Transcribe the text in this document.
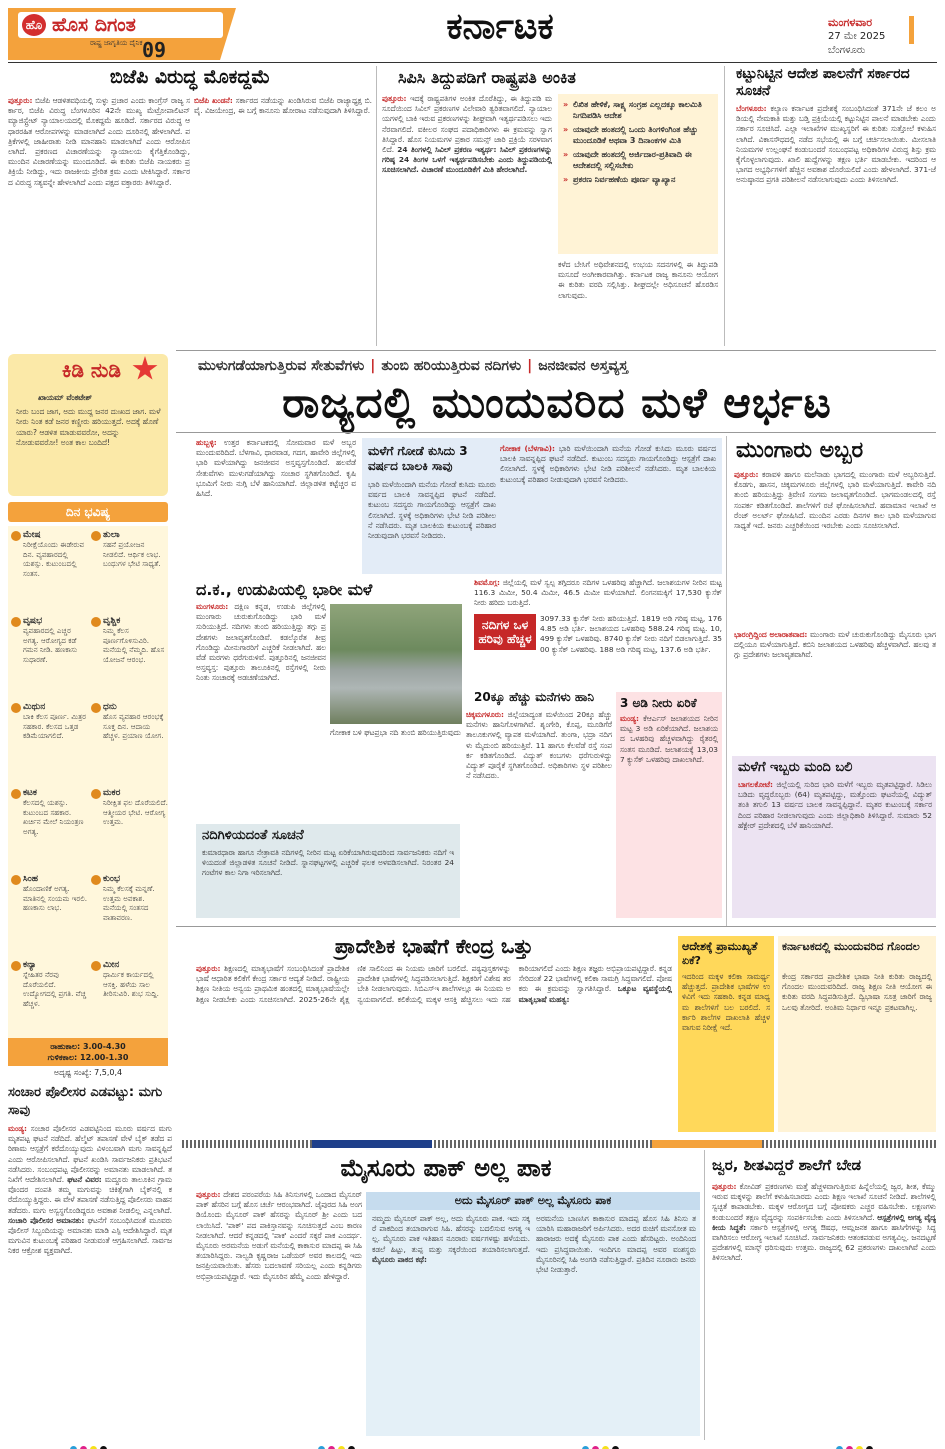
ಹೊಸ ದಿಗಂತ
ಹೊ
ರಾಷ್ಟ್ರ ಜಾಗೃತಿಯ ದೈನಿಕ 09
ಕರ್ನಾಟಕ	ಮಂಗಳವಾರ
27 ಮೇ 2025
ಬೆಂಗಳೂರು
ಬಿಜೆಪಿ ವಿರುದ್ಧ ಮೊಕದ್ದಮೆ
ಪುತ್ತೂರು: ಬಿಜೆಪಿ ಆಡಳಿತವಧಿಯಲ್ಲಿ ಸುಳ್ಳು ಪ್ರಚಾರ ಎಂದು ಕಾಂಗ್ರೆಸ್ ರಾಜ್ಯ ಸರ್ಕಾರ, ಬಿಜೆಪಿ ವಿರುದ್ಧ ಬೆಂಗಳೂರಿನ 42ನೇ ಮುಖ್ಯ ಮೆಟ್ರೋಪಾಲಿಟನ್ ಮ್ಯಾಜಿಸ್ಟ್ರೇಟ್ ನ್ಯಾಯಾಲಯದಲ್ಲಿ ಮೊಕದ್ದಮೆ ಹೂಡಿದೆ. ಸರ್ಕಾರದ ವಿರುದ್ಧ ಆಧಾರರಹಿತ ಆರೋಪಗಳನ್ನು ಮಾಡಲಾಗಿದೆ ಎಂದು ದೂರಿನಲ್ಲಿ ಹೇಳಲಾಗಿದೆ. ಪತ್ರಿಕೆಗಳಲ್ಲಿ ಜಾಹೀರಾತು ನೀಡಿ ಮಾನಹಾನಿ ಮಾಡಲಾಗಿದೆ ಎಂದು ಆರೋಪಿಸಲಾಗಿದೆ. ಪ್ರಕರಣದ ವಿಚಾರಣೆಯನ್ನು ನ್ಯಾಯಾಲಯ ಕೈಗೆತ್ತಿಕೊಂಡಿದ್ದು, ಮುಂದಿನ ವಿಚಾರಣೆಯನ್ನು ಮುಂದೂಡಿದೆ. ಈ ಕುರಿತು ಬಿಜೆಪಿ ನಾಯಕರು ಪ್ರತಿಕ್ರಿಯೆ ನೀಡಿದ್ದು, ಇದು ರಾಜಕೀಯ ಪ್ರೇರಿತ ಕ್ರಮ ಎಂದು ಟೀಕಿಸಿದ್ದಾರೆ. ಸರ್ಕಾರದ ವಿರುದ್ಧ ಸತ್ಯವನ್ನೇ ಹೇಳಲಾಗಿದೆ ಎಂದು ಪಕ್ಷದ ವಕ್ತಾರರು ತಿಳಿಸಿದ್ದಾರೆ.
ಬಿಜೆಪಿ ಖಂಡನೆ: ಸರ್ಕಾರದ ನಡೆಯನ್ನು ಖಂಡಿಸಿರುವ ಬಿಜೆಪಿ ರಾಜ್ಯಾಧ್ಯಕ್ಷ ಬಿ.ವೈ. ವಿಜಯೇಂದ್ರ, ಈ ಬಗ್ಗೆ ಕಾನೂನು ಹೋರಾಟ ನಡೆಸುವುದಾಗಿ ತಿಳಿಸಿದ್ದಾರೆ.
ಸಿಪಿಸಿ ತಿದ್ದುಪಡಿಗೆ ರಾಷ್ಟ್ರಪತಿ ಅಂಕಿತ
ಪುತ್ತೂರು: ಇದಕ್ಕೆ ರಾಷ್ಟ್ರಪತಿಗಳ ಅಂಕಿತ ದೊರೆತಿದ್ದು, ಈ ತಿದ್ದುಪಡಿ ಮಸೂದೆಯಿಂದ ಸಿವಿಲ್ ಪ್ರಕರಣಗಳ ವಿಲೇವಾರಿ ತ್ವರಿತವಾಗಲಿದೆ. ನ್ಯಾಯಾಲಯಗಳಲ್ಲಿ ಬಾಕಿ ಇರುವ ಪ್ರಕರಣಗಳನ್ನು ಶೀಘ್ರವಾಗಿ ಇತ್ಯರ್ಥಪಡಿಸಲು ಇದು ನೆರವಾಗಲಿದೆ. ವಕೀಲರ ಸಂಘದ ಪದಾಧಿಕಾರಿಗಳು ಈ ಕ್ರಮವನ್ನು ಸ್ವಾಗತಿಸಿದ್ದಾರೆ. ಹೊಸ ನಿಯಮಗಳ ಪ್ರಕಾರ ಸಮನ್ಸ್ ಜಾರಿ ಪ್ರಕ್ರಿಯೆ ಸರಳವಾಗಲಿದೆ. 24 ತಿಂಗಳಲ್ಲಿ ಸಿವಿಲ್ ಪ್ರಕರಣ ಇತ್ಯರ್ಥ: ಸಿವಿಲ್ ಪ್ರಕರಣಗಳನ್ನು ಗರಿಷ್ಠ 24 ತಿಂಗಳ ಒಳಗೆ ಇತ್ಯರ್ಥಪಡಿಸಬೇಕು ಎಂದು ತಿದ್ದುಪಡಿಯಲ್ಲಿ ಸೂಚಿಸಲಾಗಿದೆ. ವಿಚಾರಣೆ ಮುಂದೂಡಿಕೆಗೆ ಮಿತಿ ಹೇರಲಾಗಿದೆ.
» ಲಿಖಿತ ಹೇಳಿಕೆ, ಸಾಕ್ಷ್ಯ ಸಂಗ್ರಹ ಎಲ್ಲದಕ್ಕೂ ಕಾಲಮಿತಿ ನಿಗದಿಪಡಿಸಿ ಆದೇಶ
» ಯಾವುದೇ ಹಂತದಲ್ಲಿ ಒಂದು ತಿಂಗಳಿಂಗಿಂತ ಹೆಚ್ಚು ಮುಂದೂಡಿಕೆ ಅಥವಾ 3 ದಿನಾಂಕಗಳ ಮಿತಿ
» ಯಾವುದೇ ಹಂತದಲ್ಲಿ ಅರ್ಜಿದಾರ-ಪ್ರತಿವಾದಿ ಈ ಆದೇಶದಲ್ಲಿ ಸಲ್ಲಿಸಬೇಕು
» ಪ್ರಕರಣ ನಿರ್ವಹಣೆಯ ಪೂರ್ಣ ವ್ಯಾಖ್ಯಾನ
ಕಳೆದ ಬೇಸಿಗೆ ಅಧಿವೇಶನದಲ್ಲಿ ಉಭಯ ಸದನಗಳಲ್ಲಿ ಈ ತಿದ್ದುಪಡಿ ಮಸೂದೆ ಅಂಗೀಕಾರವಾಗಿತ್ತು. ಕರ್ನಾಟಕ ರಾಜ್ಯ ಕಾನೂನು ಆಯೋಗ ಈ ಕುರಿತು ವರದಿ ಸಲ್ಲಿಸಿತ್ತು. ಶೀಘ್ರದಲ್ಲೇ ಅಧಿಸೂಚನೆ ಹೊರಡಿಸಲಾಗುವುದು.
ಕಟ್ಟುನಿಟ್ಟಿನ ಆದೇಶ ಪಾಲನೆಗೆ ಸರ್ಕಾರದ ಸೂಚನೆ
ಬೆಂಗಳೂರು: ಕಲ್ಯಾಣ ಕರ್ನಾಟಕ ಪ್ರದೇಶಕ್ಕೆ ಸಂಬಂಧಿಸಿದಂತೆ 371ನೇ ಜೆ ಕಲಂ ಅಡಿಯಲ್ಲಿ ನೇಮಕಾತಿ ಮತ್ತು ಬಡ್ತಿ ಪ್ರಕ್ರಿಯೆಯಲ್ಲಿ ಕಟ್ಟುನಿಟ್ಟಿನ ಪಾಲನೆ ಮಾಡಬೇಕು ಎಂದು ಸರ್ಕಾರ ಸೂಚಿಸಿದೆ. ಎಲ್ಲಾ ಇಲಾಖೆಗಳ ಮುಖ್ಯಸ್ಥರಿಗೆ ಈ ಕುರಿತು ಸುತ್ತೋಲೆ ಕಳುಹಿಸಲಾಗಿದೆ. ವಿಕಾಸಸೌಧದಲ್ಲಿ ನಡೆದ ಸಭೆಯಲ್ಲಿ ಈ ಬಗ್ಗೆ ಚರ್ಚಿಸಲಾಯಿತು. ಮೀಸಲಾತಿ ನಿಯಮಗಳ ಉಲ್ಲಂಘನೆ ಕಂಡುಬಂದರೆ ಸಂಬಂಧಪಟ್ಟ ಅಧಿಕಾರಿಗಳ ವಿರುದ್ಧ ಶಿಸ್ತು ಕ್ರಮ ಕೈಗೊಳ್ಳಲಾಗುವುದು. ಖಾಲಿ ಹುದ್ದೆಗಳನ್ನು ತಕ್ಷಣ ಭರ್ತಿ ಮಾಡಬೇಕು. ಇದರಿಂದ ಆ ಭಾಗದ ಅಭ್ಯರ್ಥಿಗಳಿಗೆ ಹೆಚ್ಚಿನ ಅವಕಾಶ ದೊರೆಯಲಿದೆ ಎಂದು ಹೇಳಲಾಗಿದೆ. 371-ಜೆ ಅನುಷ್ಠಾನದ ಪ್ರಗತಿ ಪರಿಶೀಲನೆ ನಡೆಸಲಾಗುವುದು ಎಂದು ತಿಳಿಸಲಾಗಿದೆ.
ಕಿಡಿ ನುಡಿ
ಖಾಯಮ್ ವೆಂಕಟೇಶ್
ನೀರು ಬಂದ ಜಾಗ, ಅದು ಮುದ್ದ ಜನರ ದುಃಖದ ಜಾಗ. ಮಳೆ ನೀರು ನಿಂತ ಕಡೆ ಜನರ ಕಣ್ಣೀರು ಹರಿಯುತ್ತದೆ. ಅದಕ್ಕೆ ಹೊಣೆ ಯಾರು? ಆಡಳಿತ ಮಾಡುವವರೋ, ಅದನ್ನು ನೋಡುವವರೋ! ಅಂತ ಕಾಲ ಬಂದಿದೆ!
ದಿನ ಭವಿಷ್ಯ
ಮೇಷ
ನಿರೀಕ್ಷೆಯೊಂದು ಈಡೇರುವ ದಿನ. ವ್ಯವಹಾರದಲ್ಲಿ ಯಶಸ್ಸು. ಕುಟುಂಬದಲ್ಲಿ ಸಂತಸ.
ತುಲಾ
ಸಹನೆ ಪ್ರಯೋಜನ ನೀಡಲಿದೆ. ಆರ್ಥಿಕ ಲಾಭ. ಬಂಧುಗಳ ಭೇಟಿ ಸಾಧ್ಯತೆ.
ವೃಷಭ
ವ್ಯವಹಾರದಲ್ಲಿ ಎಚ್ಚರ ಅಗತ್ಯ. ಆರೋಗ್ಯದ ಕಡೆ ಗಮನ ನೀಡಿ. ಹಣಕಾಸು ಸುಧಾರಣೆ.
ವೃಶ್ಚಿಕ
ನಿಮ್ಮ ಕೆಲಸ ಪೂರ್ಣಗೊಳಿಸುವಿರಿ. ಮನೆಯಲ್ಲಿ ನೆಮ್ಮದಿ. ಹೊಸ ಯೋಜನೆ ಆರಂಭ.
ಮಿಥುನ
ಬಾಕಿ ಕೆಲಸ ಪೂರ್ಣ. ಮಿತ್ರರ ಸಹಕಾರ. ಕೆಲಸದ ಒತ್ತಡ ಕಡಿಮೆಯಾಗಲಿದೆ.
ಧನು
ಹೊಸ ವ್ಯವಹಾರ ಆರಂಭಕ್ಕೆ ಸೂಕ್ತ ದಿನ. ಆದಾಯ ಹೆಚ್ಚಳ. ಪ್ರಯಾಣ ಯೋಗ.
ಕಟಕ
ಕೆಲಸದಲ್ಲಿ ಯಶಸ್ಸು. ಕುಟುಂಬದ ಸಹಕಾರ. ಖರ್ಚಿನ ಮೇಲೆ ನಿಯಂತ್ರಣ ಅಗತ್ಯ.
ಮಕರ
ನಿರೀಕ್ಷಿತ ಫಲ ದೊರೆಯಲಿದೆ. ಆತ್ಮೀಯರ ಭೇಟಿ. ಆರೋಗ್ಯ ಉತ್ತಮ.
ಸಿಂಹ
ಹೊಂದಾಣಿಕೆ ಅಗತ್ಯ. ಮಾತಿನಲ್ಲಿ ಸಂಯಮ ಇರಲಿ. ಹಣಕಾಸು ಲಾಭ.
ಕುಂಭ
ನಿಮ್ಮ ಕೆಲಸಕ್ಕೆ ಮನ್ನಣೆ. ಉತ್ತಮ ಅವಕಾಶ. ಮನೆಯಲ್ಲಿ ಸಂತಸದ ವಾತಾವರಣ.
ಕನ್ಯಾ
ಸ್ನೇಹಿತರ ನೆರವು ದೊರೆಯಲಿದೆ. ಉದ್ಯೋಗದಲ್ಲಿ ಪ್ರಗತಿ. ವೆಚ್ಚ ಹೆಚ್ಚಳ.
ಮೀನ
ಧಾರ್ಮಿಕ ಕಾರ್ಯದಲ್ಲಿ ಆಸಕ್ತಿ. ಹಳೆಯ ಸಾಲ ತೀರಿಸುವಿರಿ. ಶುಭ ಸುದ್ದಿ.
ರಾಹುಕಾಲ: 3.00-4.30
ಗುಳಿಕಕಾಲ: 12.00-1.30
ಅದೃಷ್ಟ ಸಂಖ್ಯೆ: 7,5,0,4
ಮುಳುಗಡೆಯಾಗುತ್ತಿರುವ ಸೇತುವೆಗಳು | ತುಂಬಿ ಹರಿಯುತ್ತಿರುವ ನದಿಗಳು | ಜನಜೀವನ ಅಸ್ತವ್ಯಸ್ತ
ರಾಜ್ಯದಲ್ಲಿ ಮುಂದುವರಿದ ಮಳೆ ಆರ್ಭಟ
ಹುಬ್ಬಳ್ಳಿ: ಉತ್ತರ ಕರ್ನಾಟಕದಲ್ಲಿ ಸೋಮವಾರ ಮಳೆ ಅಬ್ಬರ ಮುಂದುವರಿದಿದೆ. ಬೆಳಗಾವಿ, ಧಾರವಾಡ, ಗದಗ, ಹಾವೇರಿ ಜಿಲ್ಲೆಗಳಲ್ಲಿ ಭಾರಿ ಮಳೆಯಾಗಿದ್ದು ಜನಜೀವನ ಅಸ್ತವ್ಯಸ್ತಗೊಂಡಿದೆ. ಹಲವೆಡೆ ಸೇತುವೆಗಳು ಮುಳುಗಡೆಯಾಗಿದ್ದು ಸಂಚಾರ ಸ್ಥಗಿತಗೊಂಡಿದೆ. ಕೃಷಿ ಭೂಮಿಗೆ ನೀರು ನುಗ್ಗಿ ಬೆಳೆ ಹಾನಿಯಾಗಿದೆ. ಜಿಲ್ಲಾಡಳಿತ ಕಟ್ಟೆಚ್ಚರ ವಹಿಸಿದೆ.
ಮಳೆಗೆ ಗೋಡೆ ಕುಸಿದು 3 ವರ್ಷದ ಬಾಲಕಿ ಸಾವು
ಗೋಕಾಕ (ಬೆಳಗಾವಿ): ಭಾರಿ ಮಳೆಯಿಂದಾಗಿ ಮನೆಯ ಗೋಡೆ ಕುಸಿದು ಮೂರು ವರ್ಷದ ಬಾಲಕಿ ಸಾವನ್ನಪ್ಪಿದ ಘಟನೆ ನಡೆದಿದೆ. ಕುಟುಂಬ ಸದಸ್ಯರು ಗಾಯಗೊಂಡಿದ್ದು ಆಸ್ಪತ್ರೆಗೆ ದಾಖಲಿಸಲಾಗಿದೆ. ಸ್ಥಳಕ್ಕೆ ಅಧಿಕಾರಿಗಳು ಭೇಟಿ ನೀಡಿ ಪರಿಶೀಲನೆ ನಡೆಸಿದರು. ಮೃತ ಬಾಲಕಿಯ ಕುಟುಂಬಕ್ಕೆ ಪರಿಹಾರ ನೀಡುವುದಾಗಿ ಭರವಸೆ ನೀಡಿದರು.
ಭಾರಿ ಮಳೆಯಿಂದಾಗಿ ಮನೆಯ ಗೋಡೆ ಕುಸಿದು ಮೂರು ವರ್ಷದ ಬಾಲಕಿ ಸಾವನ್ನಪ್ಪಿದ ಘಟನೆ ನಡೆದಿದೆ. ಕುಟುಂಬ ಸದಸ್ಯರು ಗಾಯಗೊಂಡಿದ್ದು ಆಸ್ಪತ್ರೆಗೆ ದಾಖಲಿಸಲಾಗಿದೆ. ಸ್ಥಳಕ್ಕೆ ಅಧಿಕಾರಿಗಳು ಭೇಟಿ ನೀಡಿ ಪರಿಶೀಲನೆ ನಡೆಸಿದರು. ಮೃತ ಬಾಲಕಿಯ ಕುಟುಂಬಕ್ಕೆ ಪರಿಹಾರ ನೀಡುವುದಾಗಿ ಭರವಸೆ ನೀಡಿದರು.
ದ.ಕ., ಉಡುಪಿಯಲ್ಲಿ ಭಾರೀ ಮಳೆ
ಮಂಗಳೂರು: ದಕ್ಷಿಣ ಕನ್ನಡ, ಉಡುಪಿ ಜಿಲ್ಲೆಗಳಲ್ಲಿ ಮುಂಗಾರು ಚುರುಕುಗೊಂಡಿದ್ದು ಭಾರಿ ಮಳೆ ಸುರಿಯುತ್ತಿದೆ. ನದಿಗಳು ತುಂಬಿ ಹರಿಯುತ್ತಿದ್ದು ತಗ್ಗು ಪ್ರದೇಶಗಳು ಜಲಾವೃತಗೊಂಡಿವೆ. ಕಡಲ್ಕೊರೆತ ತೀವ್ರಗೊಂಡಿದ್ದು ಮೀನುಗಾರರಿಗೆ ಎಚ್ಚರಿಕೆ ನೀಡಲಾಗಿದೆ. ಹಲವೆಡೆ ಮರಗಳು ಧರೆಗುರುಳಿವೆ. ಪುತ್ತೂರಿನಲ್ಲಿ ಜನಜೀವನ ಅಸ್ತವ್ಯಸ್ತ: ಪುತ್ತೂರು ತಾಲೂಕಿನಲ್ಲಿ ರಸ್ತೆಗಳಲ್ಲಿ ನೀರು ನಿಂತು ಸಂಚಾರಕ್ಕೆ ಅಡಚಣೆಯಾಗಿದೆ.
ಗೋಕಾಕ ಬಳಿ ಘಟಪ್ರಭಾ ನದಿ ತುಂಬಿ ಹರಿಯುತ್ತಿರುವುದು
ಶಿವಮೊಗ್ಗ: ಜಿಲ್ಲೆಯಲ್ಲಿ ಮಳೆ ಸ್ವಲ್ಪ ತಗ್ಗಿದರೂ ನದಿಗಳ ಒಳಹರಿವು ಹೆಚ್ಚಾಗಿದೆ. ಜಲಾಶಯಗಳ ನೀರಿನ ಮಟ್ಟ 116.3 ಮಿಮೀ, 50.4 ಮಿಮೀ, 46.5 ಮಿಮೀ ಮಳೆಯಾಗಿದೆ. ಲಿಂಗನಮಕ್ಕಿಗೆ 17,530 ಕ್ಯುಸೆಕ್ ನೀರು ಹರಿದು ಬರುತ್ತಿದೆ.
ನದಿಗಳ ಒಳ ಹರಿವು ಹೆಚ್ಚಳ
3097.33 ಕ್ಯುಸೆಕ್ ನೀರು ಹರಿಯುತ್ತಿದೆ. 1819 ಅಡಿ ಗರಿಷ್ಠ ಮಟ್ಟ, 1764.85 ಅಡಿ ಭರ್ತಿ. ಜಲಾಶಯದ ಒಳಹರಿವು 588.24 ಗರಿಷ್ಠ ಮಟ್ಟ. 10,499 ಕ್ಯುಸೆಕ್ ಒಳಹರಿವು. 8740 ಕ್ಯುಸೆಕ್ ನೀರು ನದಿಗೆ ಬಿಡಲಾಗುತ್ತಿದೆ. 3500 ಕ್ಯುಸೆಕ್ ಒಳಹರಿವು. 188 ಅಡಿ ಗರಿಷ್ಠ ಮಟ್ಟ, 137.6 ಅಡಿ ಭರ್ತಿ.
20ಕ್ಕೂ ಹೆಚ್ಚು ಮನೆಗಳು ಹಾನಿ
ಚಿಕ್ಕಮಗಳೂರು: ಜಿಲ್ಲೆಯಾದ್ಯಂತ ಮಳೆಯಿಂದ 20ಕ್ಕೂ ಹೆಚ್ಚು ಮನೆಗಳು ಹಾನಿಗೊಳಗಾಗಿವೆ. ಶೃಂಗೇರಿ, ಕೊಪ್ಪ, ಮೂಡಿಗೆರೆ ತಾಲೂಕುಗಳಲ್ಲಿ ವ್ಯಾಪಕ ಮಳೆಯಾಗಿದೆ. ತುಂಗಾ, ಭದ್ರಾ ನದಿಗಳು ಮೈದುಂಬಿ ಹರಿಯುತ್ತಿವೆ. 11 ಹಾಗೂ ಕೆಲವೆಡೆ ರಸ್ತೆ ಸಂಪರ್ಕ ಕಡಿತಗೊಂಡಿದೆ. ವಿದ್ಯುತ್ ಕಂಬಗಳು ಧರೆಗುರುಳಿದ್ದು ವಿದ್ಯುತ್ ಪೂರೈಕೆ ಸ್ಥಗಿತಗೊಂಡಿದೆ. ಅಧಿಕಾರಿಗಳು ಸ್ಥಳ ಪರಿಶೀಲನೆ ನಡೆಸಿದರು.
3 ಅಡಿ ನೀರು ಏರಿಕೆ
ಮಂಡ್ಯ: ಕೆಆರ್ಎಸ್ ಜಲಾಶಯದ ನೀರಿನ ಮಟ್ಟ 3 ಅಡಿ ಏರಿಕೆಯಾಗಿದೆ. ಜಲಾಶಯದ ಒಳಹರಿವು ಹೆಚ್ಚಳವಾಗಿದ್ದು ರೈತರಲ್ಲಿ ಸಂತಸ ಮೂಡಿದೆ. ಜಲಾಶಯಕ್ಕೆ 13,037 ಕ್ಯುಸೆಕ್ ಒಳಹರಿವು ದಾಖಲಾಗಿದೆ.
ನದಿಗಿಳಿಯದಂತೆ ಸೂಚನೆ
ಕುಮಾರಧಾರಾ ಹಾಗೂ ನೇತ್ರಾವತಿ ನದಿಗಳಲ್ಲಿ ನೀರಿನ ಮಟ್ಟ ಏರಿಕೆಯಾಗಿರುವುದರಿಂದ ಸಾರ್ವಜನಿಕರು ನದಿಗೆ ಇಳಿಯದಂತೆ ಜಿಲ್ಲಾಡಳಿತ ಸೂಚನೆ ನೀಡಿದೆ. ಸ್ನಾನಘಟ್ಟಗಳಲ್ಲಿ ಎಚ್ಚರಿಕೆ ಫಲಕ ಅಳವಡಿಸಲಾಗಿದೆ. ನಿರಂತರ 24 ಗಂಟೆಗಳ ಕಾಲ ನಿಗಾ ಇರಿಸಲಾಗಿದೆ.
ಮುಂಗಾರು ಅಬ್ಬರ
ಪುತ್ತೂರು: ಕರಾವಳಿ ಹಾಗೂ ಮಲೆನಾಡು ಭಾಗದಲ್ಲಿ ಮುಂಗಾರು ಮಳೆ ಅಬ್ಬರಿಸುತ್ತಿದೆ. ಕೊಡಗು, ಹಾಸನ, ಚಿಕ್ಕಮಗಳೂರು ಜಿಲ್ಲೆಗಳಲ್ಲಿ ಭಾರಿ ಮಳೆಯಾಗುತ್ತಿದೆ. ಕಾವೇರಿ ನದಿ ತುಂಬಿ ಹರಿಯುತ್ತಿದ್ದು ತ್ರಿವೇಣಿ ಸಂಗಮ ಜಲಾವೃತಗೊಂಡಿದೆ. ಭಾಗಮಂಡಲದಲ್ಲಿ ರಸ್ತೆ ಸಂಪರ್ಕ ಕಡಿತಗೊಂಡಿದೆ. ಶಾಲೆಗಳಿಗೆ ರಜೆ ಘೋಷಿಸಲಾಗಿದೆ. ಹವಾಮಾನ ಇಲಾಖೆ ಆರೆಂಜ್ ಅಲರ್ಟ್ ಘೋಷಿಸಿದೆ. ಮುಂದಿನ ಎರಡು ದಿನಗಳ ಕಾಲ ಭಾರಿ ಮಳೆಯಾಗುವ ಸಾಧ್ಯತೆ ಇದೆ. ಜನರು ಎಚ್ಚರಿಕೆಯಿಂದ ಇರಬೇಕು ಎಂದು ಸೂಚಿಸಲಾಗಿದೆ.
ಭಾರಂಗ್ರಿದ್ದಿಂದ ಅಲಾರಾತವಾದ: ಮುಂಗಾರು ಮಳೆ ಚುರುಕುಗೊಂಡಿದ್ದು ಮೈಸೂರು ಭಾಗದಲ್ಲಿಯೂ ಮಳೆಯಾಗುತ್ತಿದೆ. ಕಬಿನಿ ಜಲಾಶಯದ ಒಳಹರಿವು ಹೆಚ್ಚಳವಾಗಿದೆ. ಹಲವು ತಗ್ಗು ಪ್ರದೇಶಗಳು ಜಲಾವೃತವಾಗಿವೆ.
ಮಳೆಗೆ ಇಬ್ಬರು ಮಂದಿ ಬಲಿ
ಬಾಗಲಕೋಟೆ: ಜಿಲ್ಲೆಯಲ್ಲಿ ಸುರಿದ ಭಾರಿ ಮಳೆಗೆ ಇಬ್ಬರು ಮೃತಪಟ್ಟಿದ್ದಾರೆ. ಸಿಡಿಲು ಬಡಿದು ವೃದ್ಧರೊಬ್ಬರು (64) ಮೃತಪಟ್ಟಿದ್ದು, ಮತ್ತೊಂದು ಘಟನೆಯಲ್ಲಿ ವಿದ್ಯುತ್ ತಂತಿ ತಗುಲಿ 13 ವರ್ಷದ ಬಾಲಕ ಸಾವನ್ನಪ್ಪಿದ್ದಾನೆ. ಮೃತರ ಕುಟುಂಬಕ್ಕೆ ಸರ್ಕಾರದಿಂದ ಪರಿಹಾರ ನೀಡಲಾಗುವುದು ಎಂದು ಜಿಲ್ಲಾಧಿಕಾರಿ ತಿಳಿಸಿದ್ದಾರೆ. ಸುಮಾರು 52 ಹೆಕ್ಟೇರ್ ಪ್ರದೇಶದಲ್ಲಿ ಬೆಳೆ ಹಾನಿಯಾಗಿದೆ.
ಪ್ರಾದೇಶಿಕ ಭಾಷೆಗೆ ಕೇಂದ್ರ ಒತ್ತು
ಪುತ್ತೂರು: ಶಿಕ್ಷಣದಲ್ಲಿ ಮಾತೃಭಾಷೆಗೆ ಸಂಬಂಧಿಸಿದಂತೆ ಪ್ರಾದೇಶಿಕ ಭಾಷೆ ಆಧಾರಿತ ಕಲಿಕೆಗೆ ಕೇಂದ್ರ ಸರ್ಕಾರ ಆದ್ಯತೆ ನೀಡಿದೆ. ರಾಷ್ಟ್ರೀಯ ಶಿಕ್ಷಣ ನೀತಿಯ ಅನ್ವಯ ಪ್ರಾಥಮಿಕ ಹಂತದಲ್ಲಿ ಮಾತೃಭಾಷೆಯಲ್ಲೇ ಶಿಕ್ಷಣ ನೀಡಬೇಕು ಎಂದು ಸೂಚಿಸಲಾಗಿದೆ. 2025-26ನೇ ಶೈಕ್ಷಣಿಕ ಸಾಲಿನಿಂದ ಈ ನಿಯಮ ಜಾರಿಗೆ ಬರಲಿದೆ. ಪಠ್ಯಪುಸ್ತಕಗಳನ್ನು ಪ್ರಾದೇಶಿಕ ಭಾಷೆಗಳಲ್ಲಿ ಸಿದ್ಧಪಡಿಸಲಾಗುತ್ತಿದೆ. ಶಿಕ್ಷಕರಿಗೆ ವಿಶೇಷ ತರಬೇತಿ ನೀಡಲಾಗುವುದು. ಸಿಬಿಎಸ್ಇ ಶಾಲೆಗಳಲ್ಲೂ ಈ ನಿಯಮ ಅನ್ವಯವಾಗಲಿದೆ. ಕಲಿಕೆಯಲ್ಲಿ ಮಕ್ಕಳ ಆಸಕ್ತಿ ಹೆಚ್ಚಿಸಲು ಇದು ಸಹಕಾರಿಯಾಗಲಿದೆ ಎಂದು ಶಿಕ್ಷಣ ತಜ್ಞರು ಅಭಿಪ್ರಾಯಪಟ್ಟಿದ್ದಾರೆ. ಕನ್ನಡ ಸೇರಿದಂತೆ 22 ಭಾಷೆಗಳಲ್ಲಿ ಕಲಿಕಾ ಸಾಮಗ್ರಿ ಸಿದ್ಧವಾಗಲಿದೆ. ಪೋಷಕರು ಈ ಕ್ರಮವನ್ನು ಸ್ವಾಗತಿಸಿದ್ದಾರೆ. ಒಕ್ಕೂಟ ವ್ಯವಸ್ಥೆಯಲ್ಲಿ ಮಾತೃಭಾಷೆ ಮಹತ್ವ:
ಆದೇಶಕ್ಕೆ ಪ್ರಾಮುಖ್ಯತೆ ಏಕೆ?
ಇದರಿಂದ ಮಕ್ಕಳ ಕಲಿಕಾ ಸಾಮರ್ಥ್ಯ ಹೆಚ್ಚುತ್ತದೆ. ಪ್ರಾದೇಶಿಕ ಭಾಷೆಗಳ ಉಳಿವಿಗೆ ಇದು ಸಹಕಾರಿ. ಕನ್ನಡ ಮಾಧ್ಯಮ ಶಾಲೆಗಳಿಗೆ ಬಲ ಬರಲಿದೆ. ಸರ್ಕಾರಿ ಶಾಲೆಗಳ ದಾಖಲಾತಿ ಹೆಚ್ಚಳವಾಗುವ ನಿರೀಕ್ಷೆ ಇದೆ.
ಕರ್ನಾಟಕದಲ್ಲಿ ಮುಂದುವರಿದ ಗೊಂದಲ
ಕೇಂದ್ರ ಸರ್ಕಾರದ ಪ್ರಾದೇಶಿಕ ಭಾಷಾ ನೀತಿ ಕುರಿತು ರಾಜ್ಯದಲ್ಲಿ ಗೊಂದಲ ಮುಂದುವರಿದಿದೆ. ರಾಜ್ಯ ಶಿಕ್ಷಣ ನೀತಿ ಆಯೋಗ ಈ ಕುರಿತು ವರದಿ ಸಿದ್ಧಪಡಿಸುತ್ತಿದೆ. ದ್ವಿಭಾಷಾ ಸೂತ್ರ ಜಾರಿಗೆ ರಾಜ್ಯ ಒಲವು ತೋರಿದೆ. ಅಂತಿಮ ನಿರ್ಧಾರ ಇನ್ನೂ ಪ್ರಕಟವಾಗಿಲ್ಲ.
ಸಂಚಾರ ಪೊಲೀಸರ ಎಡವಟ್ಟು: ಮಗು ಸಾವು
ಮಂಡ್ಯ: ಸಂಚಾರ ಪೊಲೀಸರ ಎಡವಟ್ಟಿನಿಂದ ಮೂರು ವರ್ಷದ ಮಗು ಮೃತಪಟ್ಟ ಘಟನೆ ನಡೆದಿದೆ. ಹೆಲ್ಮೆಟ್ ತಪಾಸಣೆ ವೇಳೆ ಬೈಕ್ ತಡೆದ ಪರಿಣಾಮ ಆಸ್ಪತ್ರೆಗೆ ಕರೆದೊಯ್ಯುವುದು ವಿಳಂಬವಾಗಿ ಮಗು ಸಾವನ್ನಪ್ಪಿದೆ ಎಂದು ಆರೋಪಿಸಲಾಗಿದೆ. ಘಟನೆ ಖಂಡಿಸಿ ಸಾರ್ವಜನಿಕರು ಪ್ರತಿಭಟನೆ ನಡೆಸಿದರು. ಸಂಬಂಧಪಟ್ಟ ಪೊಲೀಸರನ್ನು ಅಮಾನತು ಮಾಡಲಾಗಿದೆ. ತನಿಖೆಗೆ ಆದೇಶಿಸಲಾಗಿದೆ. ಘಟನೆ ವಿವರ: ಮದ್ದೂರು ತಾಲೂಕಿನ ಗ್ರಾಮವೊಂದರ ದಂಪತಿ ತಮ್ಮ ಮಗುವನ್ನು ಚಿಕಿತ್ಸೆಗಾಗಿ ಬೈಕ್‌ನಲ್ಲಿ ಕರೆದೊಯ್ಯುತ್ತಿದ್ದರು. ಈ ವೇಳೆ ತಪಾಸಣೆ ನಡೆಸುತ್ತಿದ್ದ ಪೊಲೀಸರು ವಾಹನ ತಡೆದರು. ಮಗು ಅಸ್ವಸ್ಥಗೊಂಡಿದ್ದರೂ ಅವಕಾಶ ನೀಡಲಿಲ್ಲ ಎನ್ನಲಾಗಿದೆ. ಸಂಚಾರಿ ಪೊಲೀಸರ ಅಮಾನತು: ಘಟನೆಗೆ ಸಂಬಂಧಿಸಿದಂತೆ ಮೂವರು ಪೊಲೀಸ್ ಸಿಬ್ಬಂದಿಯನ್ನು ಅಮಾನತು ಮಾಡಿ ಎಸ್ಪಿ ಆದೇಶಿಸಿದ್ದಾರೆ. ಮೃತ ಮಗುವಿನ ಕುಟುಂಬಕ್ಕೆ ಪರಿಹಾರ ನೀಡುವಂತೆ ಆಗ್ರಹಿಸಲಾಗಿದೆ. ಸಾರ್ವಜನಿಕರ ಆಕ್ರೋಶ ವ್ಯಕ್ತವಾಗಿದೆ.
ಮೈಸೂರು ಪಾಕ್ ಅಲ್ಲ ಪಾಕ
ಪುತ್ತೂರು: ದೇಶದ ಪರಂಪರೆಯ ಸಿಹಿ ತಿನಿಸುಗಳಲ್ಲಿ ಒಂದಾದ ಮೈಸೂರ್ ಪಾಕ್ ಹೆಸರಿನ ಬಗ್ಗೆ ಹೊಸ ಚರ್ಚೆ ಆರಂಭವಾಗಿದೆ. ಜೈಪುರದ ಸಿಹಿ ಅಂಗಡಿಯೊಂದು ಮೈಸೂರ್ ಪಾಕ್ ಹೆಸರನ್ನು ಮೈಸೂರ್ ಶ್ರೀ ಎಂದು ಬದಲಾಯಿಸಿದೆ. 'ಪಾಕ್' ಪದ ಪಾಕಿಸ್ತಾನವನ್ನು ಸೂಚಿಸುತ್ತದೆ ಎಂಬ ಕಾರಣ ನೀಡಲಾಗಿದೆ. ಆದರೆ ಕನ್ನಡದಲ್ಲಿ 'ಪಾಕ' ಎಂದರೆ ಸಕ್ಕರೆ ಪಾಕ ಎಂದರ್ಥ. ಮೈಸೂರು ಅರಮನೆಯ ಅಡುಗೆ ಮನೆಯಲ್ಲಿ ಕಾಕಾಸುರ ಮಾದಪ್ಪ ಈ ಸಿಹಿ ತಯಾರಿಸಿದ್ದರು. ನಾಲ್ವಡಿ ಕೃಷ್ಣರಾಜ ಒಡೆಯರ್ ಅವರ ಕಾಲದಲ್ಲಿ ಇದು ಜನಪ್ರಿಯವಾಯಿತು. ಹೆಸರು ಬದಲಾವಣೆ ಸರಿಯಲ್ಲ ಎಂದು ಕನ್ನಡಿಗರು ಅಭಿಪ್ರಾಯಪಟ್ಟಿದ್ದಾರೆ. ಇದು ಮೈಸೂರಿನ ಹೆಮ್ಮೆ ಎಂದು ಹೇಳಿದ್ದಾರೆ.
ಅದು ಮೈಸೂರ್ ಪಾಕ್ ಅಲ್ಲ ಮೈಸೂರು ಪಾಕ
ನಮ್ಮದು ಮೈಸೂರ್ ಪಾಕ್ ಅಲ್ಲ, ಅದು ಮೈಸೂರು ಪಾಕ. ಇದು ಸಕ್ಕರೆ ಪಾಕದಿಂದ ತಯಾರಾಗುವ ಸಿಹಿ. ಹೆಸರನ್ನು ಬದಲಿಸುವ ಅಗತ್ಯ ಇಲ್ಲ. ಮೈಸೂರು ಪಾಕ ಇತಿಹಾಸ ನೂರಾರು ವರ್ಷಗಳಷ್ಟು ಹಳೆಯದು. ಕಡಲೆ ಹಿಟ್ಟು, ತುಪ್ಪ ಮತ್ತು ಸಕ್ಕರೆಯಿಂದ ತಯಾರಿಸಲಾಗುತ್ತದೆ. ಮೈಸೂರು ಪಾಕದ ಕಥೆ:
ಅರಮನೆಯ ಬಾಣಸಿಗ ಕಾಕಾಸುರ ಮಾದಪ್ಪ ಹೊಸ ಸಿಹಿ ತಿನಿಸು ತಯಾರಿಸಿ ಮಹಾರಾಜರಿಗೆ ಅರ್ಪಿಸಿದರು. ಅದರ ರುಚಿಗೆ ಮನಸೋತ ಮಹಾರಾಜರು ಅದಕ್ಕೆ ಮೈಸೂರು ಪಾಕ ಎಂದು ಹೆಸರಿಟ್ಟರು. ಅಂದಿನಿಂದ ಇದು ಪ್ರಸಿದ್ಧವಾಯಿತು. ಇಂದಿಗೂ ಮಾದಪ್ಪ ಅವರ ವಂಶಸ್ಥರು ಮೈಸೂರಿನಲ್ಲಿ ಸಿಹಿ ಅಂಗಡಿ ನಡೆಸುತ್ತಿದ್ದಾರೆ. ಪ್ರತಿದಿನ ನೂರಾರು ಜನರು ಭೇಟಿ ನೀಡುತ್ತಾರೆ.
ಜ್ವರ, ಶೀತವಿದ್ದರೆ ಶಾಲೆಗೆ ಬೇಡ
ಪುತ್ತೂರು: ಕೋವಿಡ್ ಪ್ರಕರಣಗಳು ಮತ್ತೆ ಹೆಚ್ಚಳವಾಗುತ್ತಿರುವ ಹಿನ್ನೆಲೆಯಲ್ಲಿ ಜ್ವರ, ಶೀತ, ಕೆಮ್ಮು ಇರುವ ಮಕ್ಕಳನ್ನು ಶಾಲೆಗೆ ಕಳುಹಿಸಬಾರದು ಎಂದು ಶಿಕ್ಷಣ ಇಲಾಖೆ ಸೂಚನೆ ನೀಡಿದೆ. ಶಾಲೆಗಳಲ್ಲಿ ಸ್ವಚ್ಛತೆ ಕಾಪಾಡಬೇಕು. ಮಕ್ಕಳ ಆರೋಗ್ಯದ ಬಗ್ಗೆ ಪೋಷಕರು ಎಚ್ಚರ ವಹಿಸಬೇಕು. ಲಕ್ಷಣಗಳು ಕಂಡುಬಂದರೆ ತಕ್ಷಣ ವೈದ್ಯರನ್ನು ಸಂಪರ್ಕಿಸಬೇಕು ಎಂದು ತಿಳಿಸಲಾಗಿದೆ. ಆಸ್ಪತ್ರೆಗಳಲ್ಲಿ ಅಗತ್ಯ ವೈದ್ಯಕೀಯ ಸಿದ್ಧತೆ: ಸರ್ಕಾರಿ ಆಸ್ಪತ್ರೆಗಳಲ್ಲಿ ಅಗತ್ಯ ಔಷಧ, ಆಮ್ಲಜನಕ ಹಾಗೂ ಹಾಸಿಗೆಗಳನ್ನು ಸಿದ್ಧವಾಗಿರಿಸಲು ಆರೋಗ್ಯ ಇಲಾಖೆ ಸೂಚಿಸಿದೆ. ಸಾರ್ವಜನಿಕರು ಆತಂಕಪಡುವ ಅಗತ್ಯವಿಲ್ಲ. ಜನದಟ್ಟಣೆ ಪ್ರದೇಶಗಳಲ್ಲಿ ಮಾಸ್ಕ್ ಧರಿಸುವುದು ಉತ್ತಮ. ರಾಜ್ಯದಲ್ಲಿ 62 ಪ್ರಕರಣಗಳು ದಾಖಲಾಗಿವೆ ಎಂದು ತಿಳಿಸಲಾಗಿದೆ.
